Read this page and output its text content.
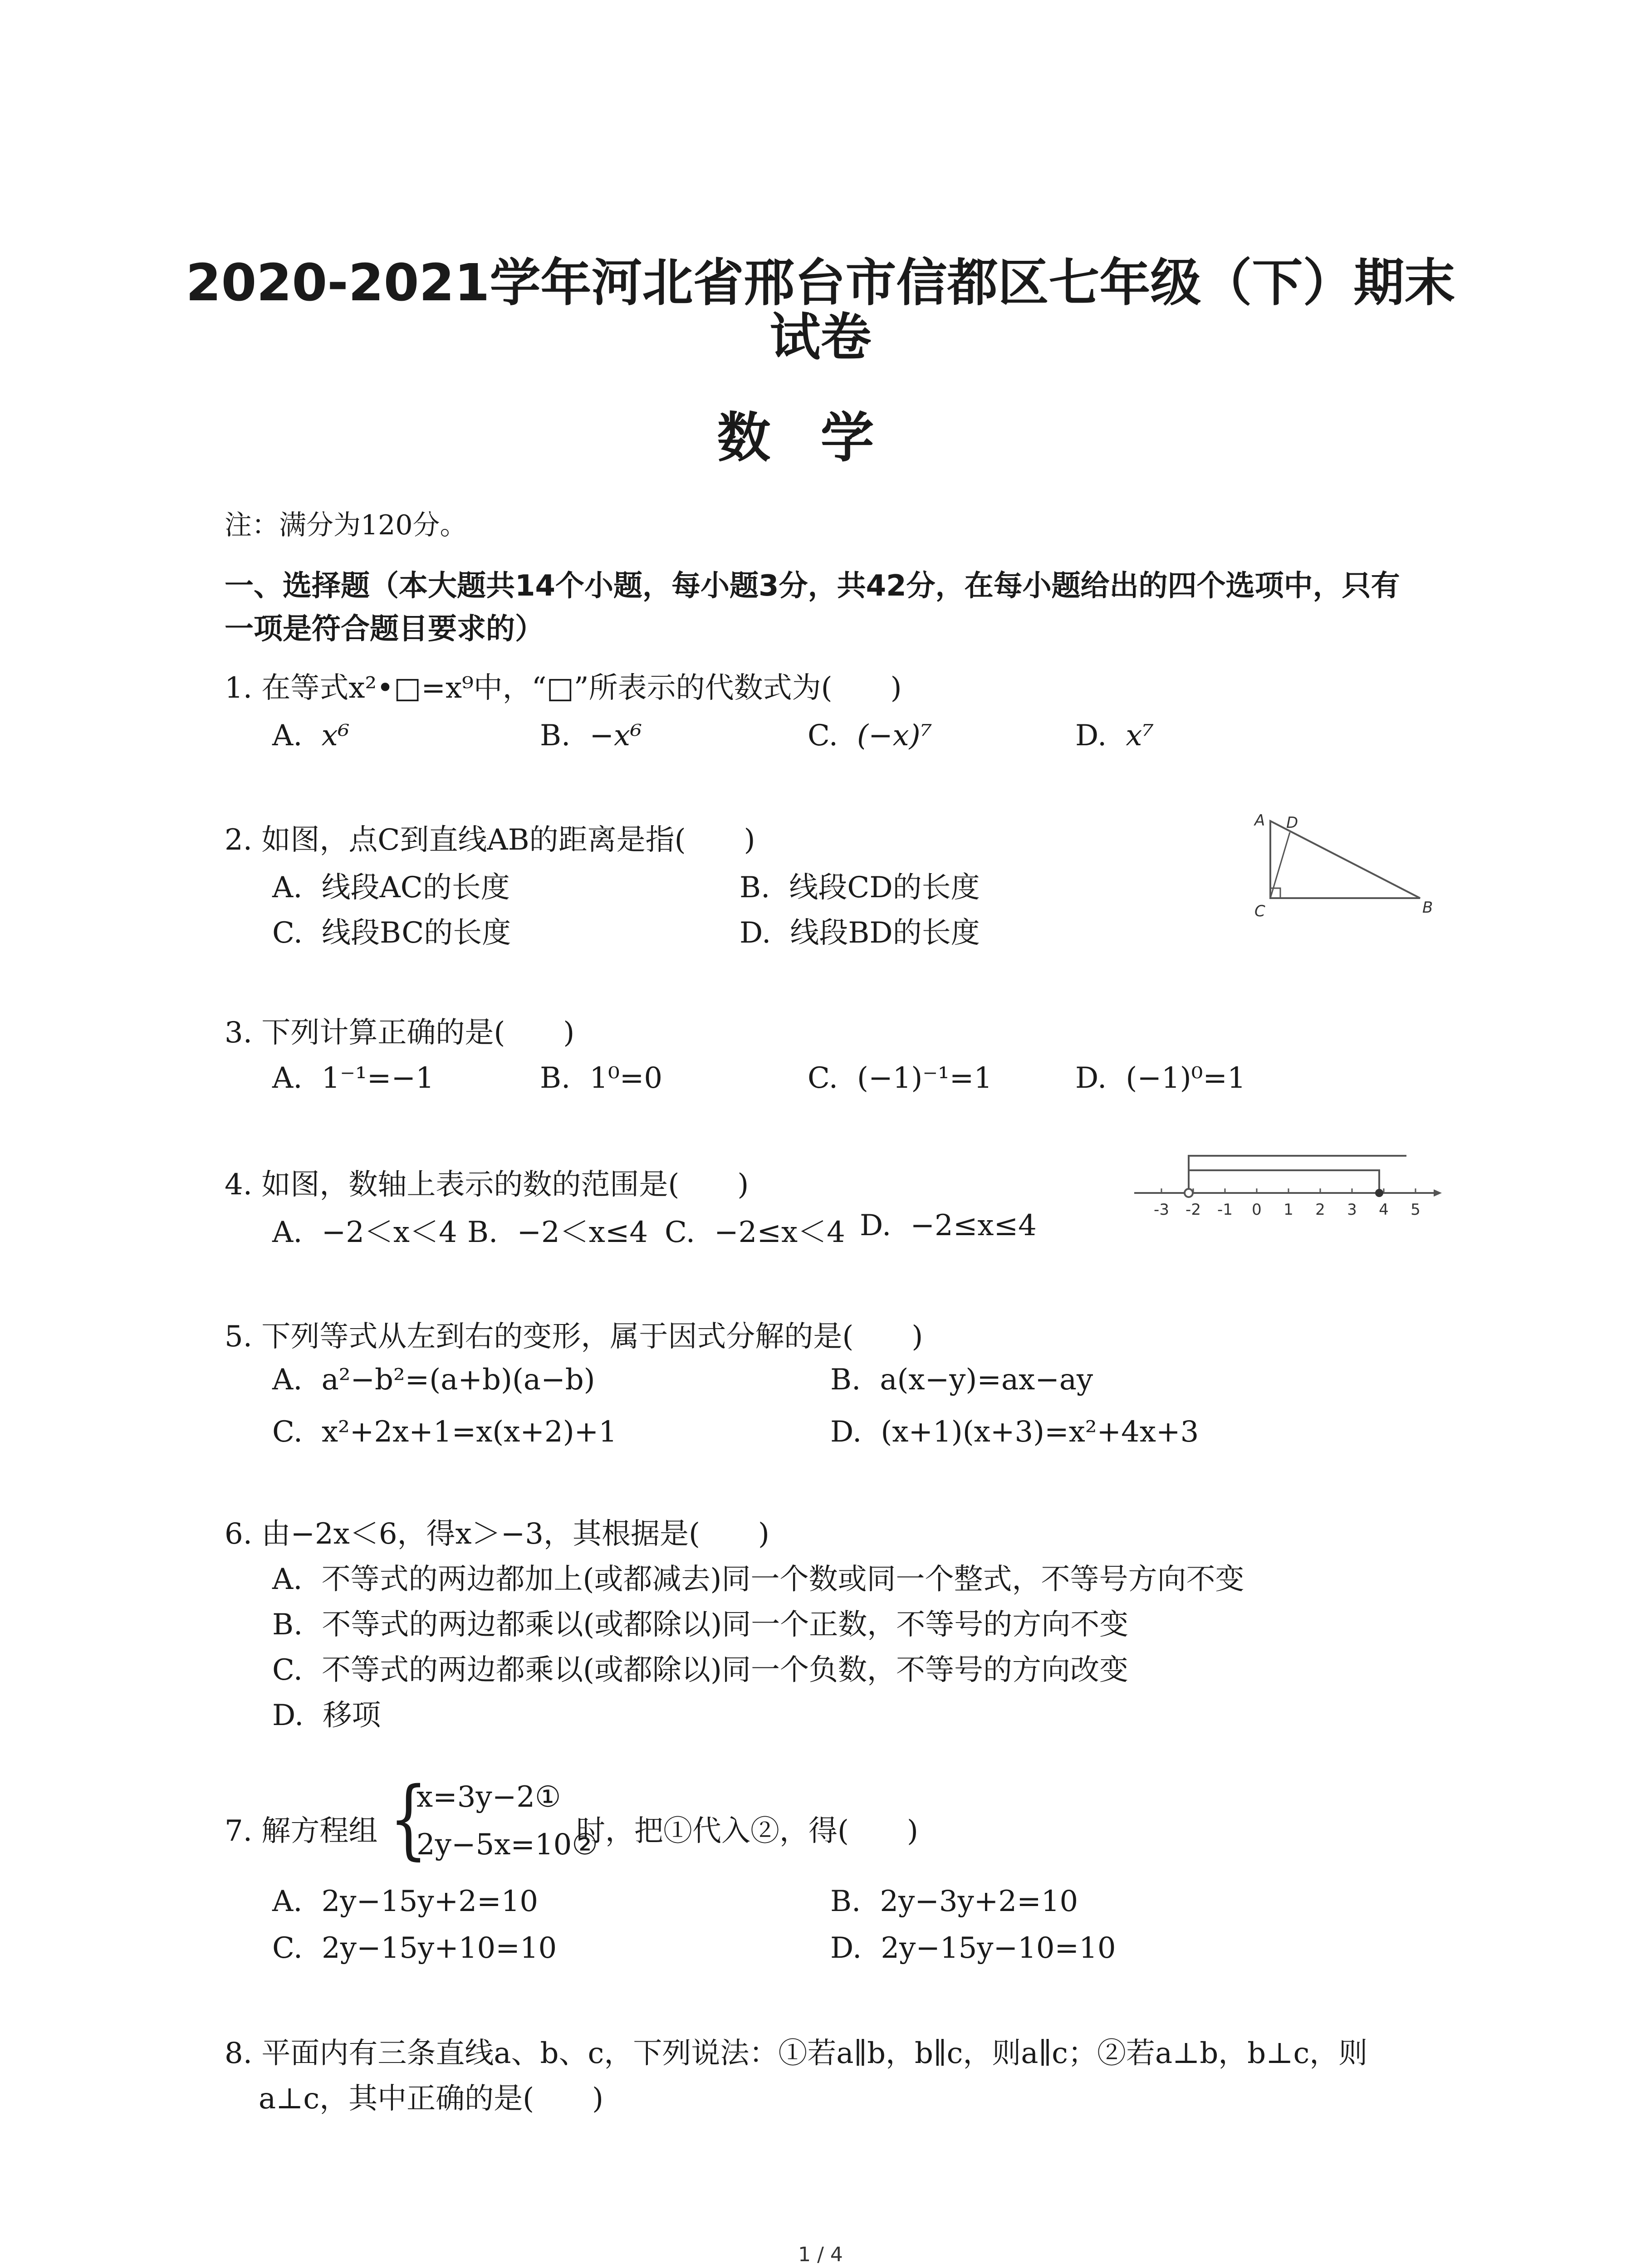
2020-2021学年河北省邢台市信都区七年级（下）期末
试卷
数学
注：满分为120分。
一、选择题（本大题共14个小题，每小题3分，共42分，在每小题给出的四个选项中，只有
一项是符合题目要求的）
1. 在等式x²•□=x⁹中，“□”所表示的代数式为(　　)
A. x⁶	B. −x⁶	C. (−x)⁷	D. x⁷
2. 如图，点C到直线AB的距离是指(　　)
A. 线段AC的长度	B. 线段CD的长度
C. 线段BC的长度	D. 线段BD的长度
A D
C	B
3. 下列计算正确的是(　　)
A. 1⁻¹=−1	B. 1⁰=0	C. (−1)⁻¹=1	D. (−1)⁰=1
4. 如图，数轴上表示的数的范围是(　　)
A. −2＜x＜4 B. −2＜x≤4 C. −2≤x＜4 D. −2≤x≤4	-3 -2 -1 0 1 2 3 4 5
5. 下列等式从左到右的变形，属于因式分解的是(　　)
A. a²−b²=(a+b)(a−b)	B. a(x−y)=ax−ay
C. x²+2x+1=x(x+2)+1	D. (x+1)(x+3)=x²+4x+3
6. 由−2x＜6，得x＞−3，其根据是(　　)
A. 不等式的两边都加上(或都减去)同一个数或同一个整式，不等号方向不变
B. 不等式的两边都乘以(或都除以)同一个正数，不等号的方向不变
C. 不等式的两边都乘以(或都除以)同一个负数，不等号的方向改变
D. 移项
7. 解方程组 {
x=3y−2①
2y−5x=10②
时，把①代入②，得(　　)
A. 2y−15y+2=10	B. 2y−3y+2=10
C. 2y−15y+10=10	D. 2y−15y−10=10
8. 平面内有三条直线a、b、c，下列说法：①若a∥b，b∥c，则a∥c；②若a⊥b，b⊥c，则
a⊥c，其中正确的是(　　)
1 / 4
